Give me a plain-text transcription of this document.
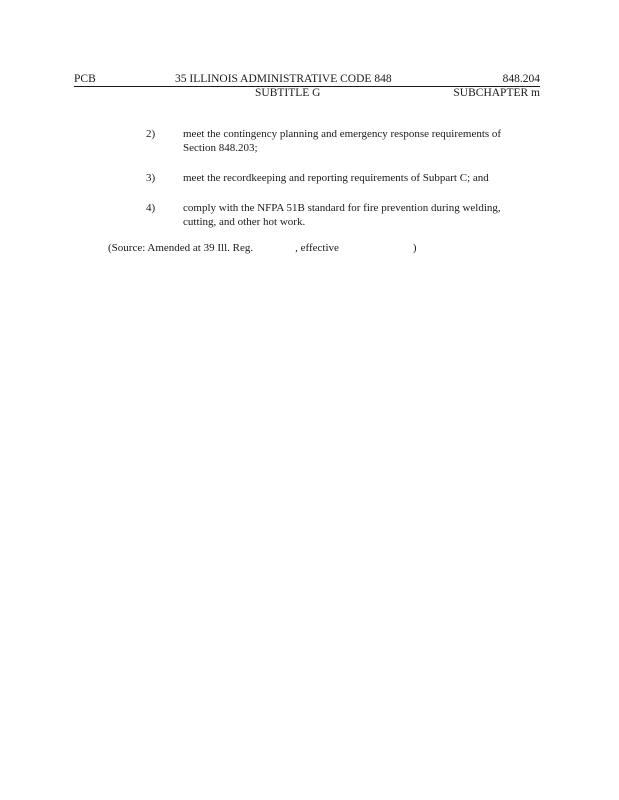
PCB	35 ILLINOIS ADMINISTRATIVE CODE 848	848.204
SUBTITLE G	SUBCHAPTER m
2)	meet the contingency planning and emergency response requirements of
Section 848.203;
3)	meet the recordkeeping and reporting requirements of Subpart C; and
4)	comply with the NFPA 51B standard for fire prevention during welding,
cutting, and other hot work.
(Source: Amended at 39 Ill. Reg.	, effective	)
